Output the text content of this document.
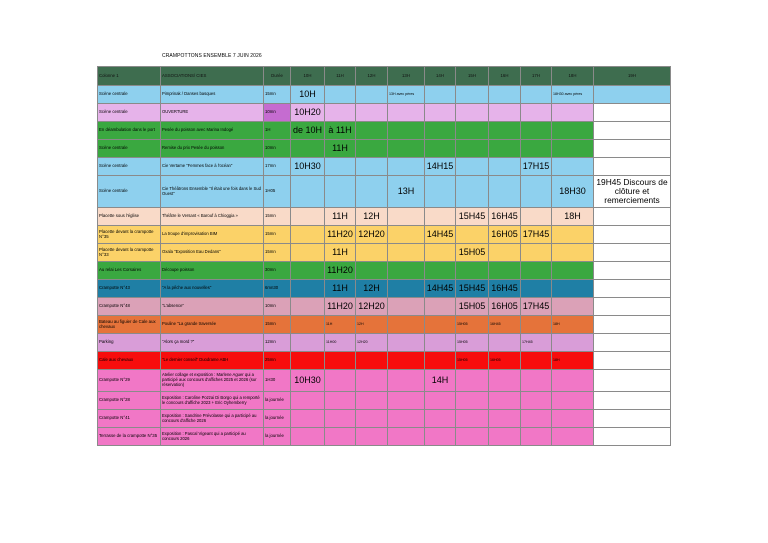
CRAMPOTTONS ENSEMBLE 7 JUIN 2026
Colonne 1	ASSOCIATIONS/ CIES	Durée	10H	11H	12H	13H	14H	15H	16H	17H	18H	19H
Scène centrale	Pimprinak / Danses basques	15mn	10H			13H avec pères					18H30 avec pères	
Scène centrale	OUVERTURE	10mn	10H20									
En déambulation dans le port	Pesée du poisson avec Marina Indogé	1H	de 10H	à 11H								
Scène centrale	Remise du prix Pesée du poisson	10mn		11H								
Scène centrale	Cie Vertame "Femmes face à l'océan"	17mn	10H30				14H15			17H15		
Scène centrale	Cie Théâtrons Ensemble "Il était une fois dans le Sud Ouest"	1H05				13H					18H30	19H45 Discours de clôture et remerciements
Placette sous l'église	Théâtre le Versant « Barouf à Chioggia »	15mn		11H	12H			15H45	16H45		18H	
Placette devant la crampotte N°35	La troupe d'improvisation BIM	15mn		11H20	12H20		14H45		16H05	17H45		
Placette devant la crampotte N°33	Oxala "Exposition Eau Dedans"	15mn		11H				15H05				
Au relai Les Corsaires	Découpe poisson	30mn		11H20								
Crampotte N°43	"A la pêche aux nouvelles"	6mn30		11H	12H		14H45	15H45	16H45			
Crampotte N°48	"L'absence"	10mn		11H20	12H20			15H05	16H05	17H45		
Bateau au figuier de Cale aux chevaux	Pouline "La grande traversée	15mn		11H	12H			15H05	16H45		18H	
Parking	"Alors ça mord ?"	12mn		11H00	12H20			15H05		17H45		
Cale aux chevaux	"Le dernier conseil" Duodrame ABH	25mn						15H05	16H05		18H	
Crampotte N°29	Atelier collage et exposition : Marlene Aguer qui a participé aux concours d'affiches 2025 et 2026 (sur réservation)	1H30	10H30				14H					
Crampotte N°28	Exposition : Caroline Pozzai Di Borgo qui a remporté le concours d'affiche 2023 + Eric Oyhemberry	la journée										
Crampotte N°41	Exposition : Sandrine Prévolasse qui a participé au concours d'affiche 2026	la journée										
Terrasse de la crampotte N°35	Exposition : Pascal Vigeant qui a participé au concours 2026	la journée										
